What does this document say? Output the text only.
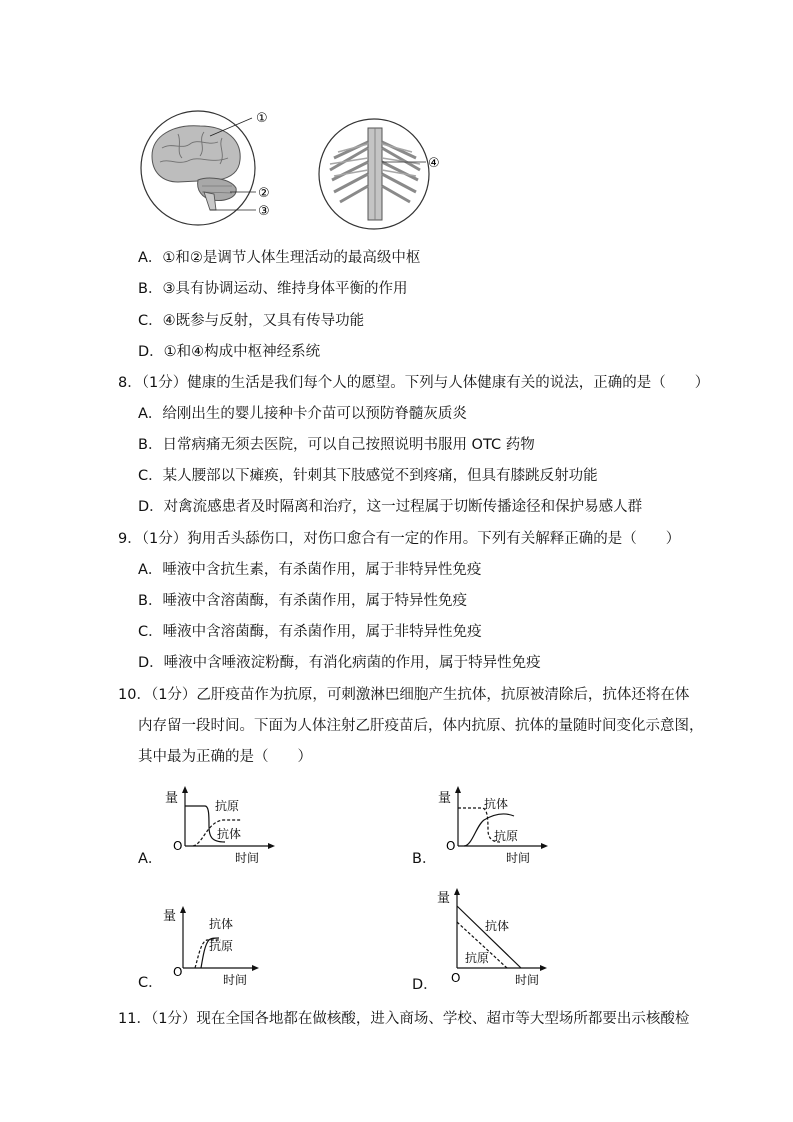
①
②
③
④
A．①和②是调节人体生理活动的最高级中枢
B．③具有协调运动、维持身体平衡的作用
C．④既参与反射，又具有传导功能
D．①和④构成中枢神经系统
8．（1分）健康的生活是我们每个人的愿望。下列与人体健康有关的说法，正确的是（　　）
A．给刚出生的婴儿接种卡介苗可以预防脊髓灰质炎
B．日常病痛无须去医院，可以自己按照说明书服用 OTC 药物
C．某人腰部以下瘫痪，针刺其下肢感觉不到疼痛，但具有膝跳反射功能
D．对禽流感患者及时隔离和治疗，这一过程属于切断传播途径和保护易感人群
9．（1分）狗用舌头舔伤口，对伤口愈合有一定的作用。下列有关解释正确的是（　　）
A．唾液中含抗生素，有杀菌作用，属于非特异性免疫
B．唾液中含溶菌酶，有杀菌作用，属于特异性免疫
C．唾液中含溶菌酶，有杀菌作用，属于非特异性免疫
D．唾液中含唾液淀粉酶，有消化病菌的作用，属于特异性免疫
10．（1分）乙肝疫苗作为抗原，可刺激淋巴细胞产生抗体，抗原被清除后，抗体还将在体
内存留一段时间。下面为人体注射乙肝疫苗后，体内抗原、抗体的量随时间变化示意图，
其中最为正确的是（　　）
A．
量
O
时间
抗原
抗体
B．
量
O
时间
抗体
抗原
C．
量
O
时间
抗体
抗原
D．
量
O	时间
抗体
抗原
11．（1分）现在全国各地都在做核酸，进入商场、学校、超市等大型场所都要出示核酸检
